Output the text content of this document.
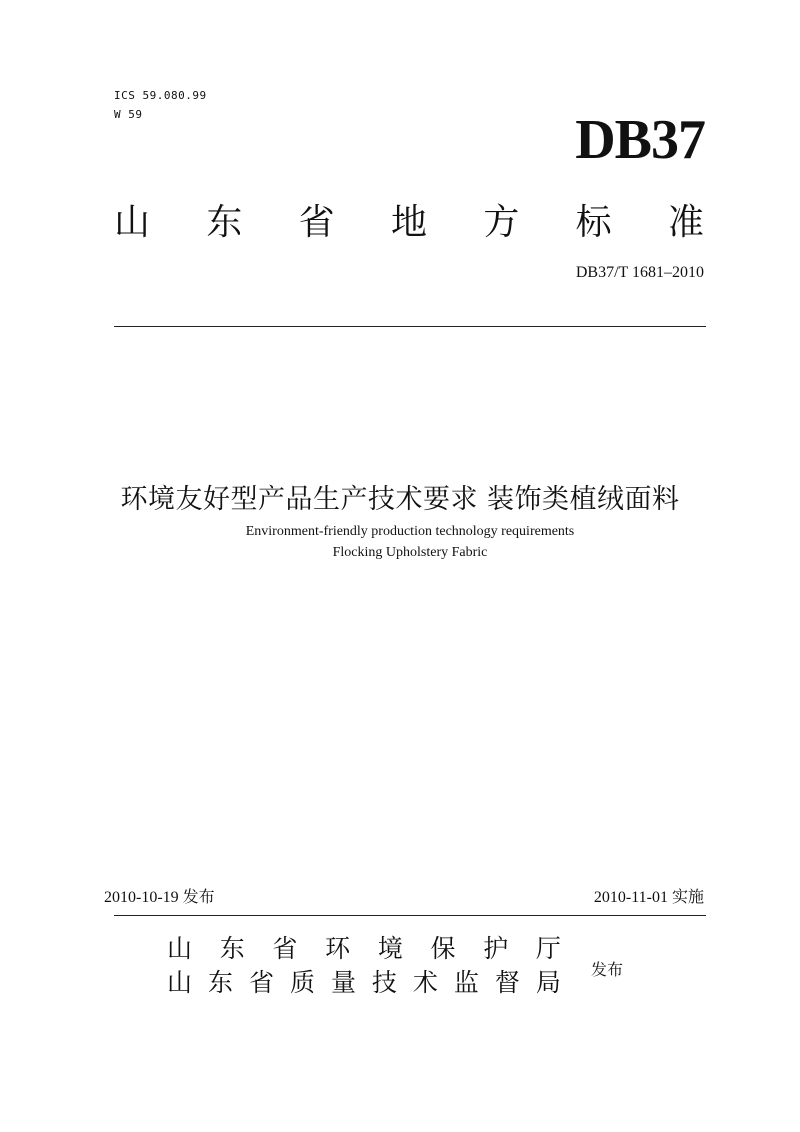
ICS 59.080.99
W 59	DB37
山 东 省 地 方 标 准
DB37/T 1681–2010
环境友好型产品生产技术要求 装饰类植绒面料
Environment-friendly production technology requirements
Flocking Upholstery Fabric
2010-10-19 发布	2010-11-01 实施
山 东 省 环 境 保 护 厅
山 东 省 质 量 技 术 监 督 局 发布
